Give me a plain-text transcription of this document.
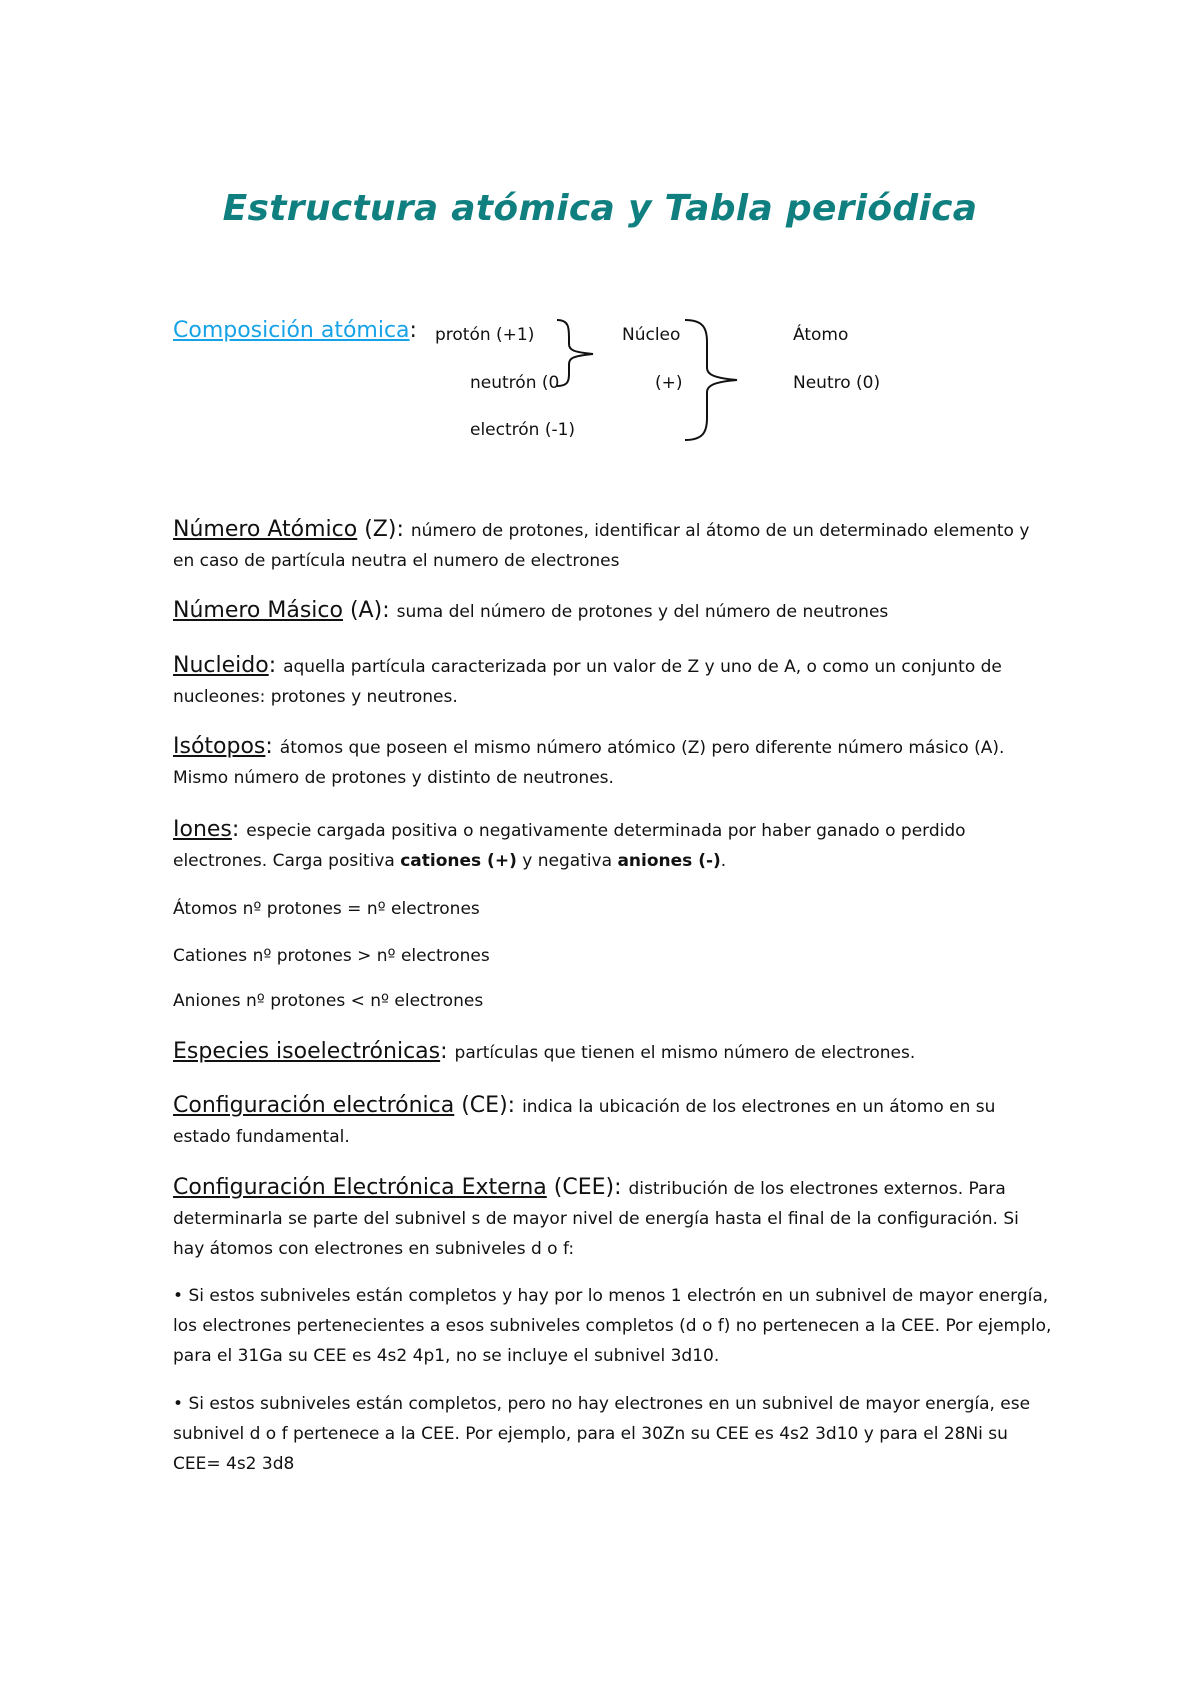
Estructura atómica y Tabla periódica
Composición atómica: protón (+1)
neutrón (0
electrón (-1)
Núcleo
(+)
Átomo
Neutro (0)
Número Atómico (Z): número de protones, identificar al átomo de un determinado elemento y en caso de partícula neutra el numero de electrones
Número Másico (A): suma del número de protones y del número de neutrones
Nucleido: aquella partícula caracterizada por un valor de Z y uno de A, o como un conjunto de nucleones: protones y neutrones.
Isótopos: átomos que poseen el mismo número atómico (Z) pero diferente número másico (A). Mismo número de protones y distinto de neutrones.
Iones: especie cargada positiva o negativamente determinada por haber ganado o perdido electrones. Carga positiva cationes (+) y negativa aniones (-).
Átomos nº protones = nº electrones
Cationes nº protones > nº electrones
Aniones nº protones < nº electrones
Especies isoelectrónicas: partículas que tienen el mismo número de electrones.
Configuración electrónica (CE): indica la ubicación de los electrones en un átomo en su estado fundamental.
Configuración Electrónica Externa (CEE): distribución de los electrones externos. Para determinarla se parte del subnivel s de mayor nivel de energía hasta el final de la configuración. Si hay átomos con electrones en subniveles d o f:
• Si estos subniveles están completos y hay por lo menos 1 electrón en un subnivel de mayor energía, los electrones pertenecientes a esos subniveles completos (d o f) no pertenecen a la CEE. Por ejemplo, para el 31Ga su CEE es 4s2 4p1, no se incluye el subnivel 3d10.
• Si estos subniveles están completos, pero no hay electrones en un subnivel de mayor energía, ese subnivel d o f pertenece a la CEE. Por ejemplo, para el 30Zn su CEE es 4s2 3d10 y para el 28Ni su CEE= 4s2 3d8
